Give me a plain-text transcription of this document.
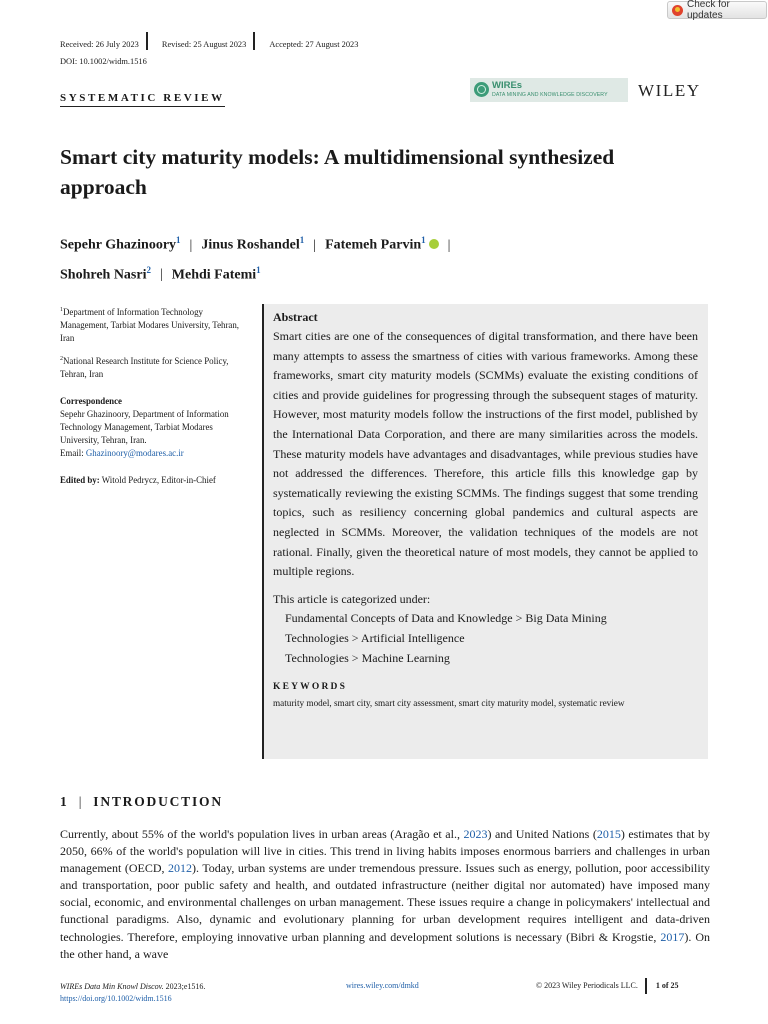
Check for updates
Received: 26 July 2023	Revised: 25 August 2023	Accepted: 27 August 2023
DOI: 10.1002/widm.1516
WIREs
DATA MINING AND KNOWLEDGE DISCOVERY WILEY
SYSTEMATIC REVIEW
Smart city maturity models: A multidimensional synthesized approach
Sepehr Ghazinoory$^1$ | Jinus Roshandel$^1$ | Fatemeh Parvin$^1$ |
Shohreh Nasri$^2$ | Mehdi Fatemi$^1$

$^1$Department of Information Technology Management, Tarbiat Modares University, Tehran, Iran

$^2$National Research Institute for Science Policy, Tehran, Iran

Correspondence
Sepehr Ghazinoory, Department of Information Technology Management, Tarbiat Modares University, Tehran, Iran.
Email: Ghazinoory@modares.ac.ir

Edited by: Witold Pedrycz, Editor-in-Chief

Abstract

Smart cities are one of the consequences of digital transformation, and there have been many attempts to assess the smartness of cities with various frameworks. Among these frameworks, smart city maturity models (SCMMs) evaluate the existing conditions of cities and provide guidelines for progressing through the subsequent stages of maturity. However, most maturity models follow the instructions of the first model, published by the International Data Corporation, and there are many similarities across the models. These maturity models have advantages and disadvantages, while previous studies have not addressed the differences. Therefore, this article fills this knowledge gap by systematically reviewing the existing SCMMs. The findings suggest that some trending topics, such as resiliency concerning global pandemics and cultural aspects are neglected in SCMMs. Moreover, the validation techniques of the models are not rational. Finally, given the theoretical nature of most models, they cannot be applied to multiple regions.

This article is categorized under:
Fundamental Concepts of Data and Knowledge > Big Data Mining
Technologies > Artificial Intelligence
Technologies > Machine Learning

KEYWORDS

maturity model, smart city, smart city assessment, smart city maturity model, systematic review

1 | INTRODUCTION

Currently, about 55% of the world's population lives in urban areas (Aragão et al., 2023) and United Nations (2015) estimates that by 2050, 66% of the world's population will live in cities. This trend in living habits imposes enormous barriers and challenges in urban management (OECD, 2012). Today, urban systems are under tremendous pressure. Issues such as energy, pollution, poor accessibility and transportation, poor public safety and health, and outdated infrastructure (neither digital nor automated) have imposed many social, economic, and environmental challenges on urban management. These issues require a change in policymakers' intellectual and functional paradigms. Also, dynamic and evolutionary planning for urban development requires intelligent and data-driven technologies. Therefore, employing innovative urban planning and development solutions is necessary (Bibri & Krogstie, 2017). On the other hand, a wave

WIREs Data Min Knowl Discov. 2023;e1516.
https://doi.org/10.1002/widm.1516
wires.wiley.com/dmkd	© 2023 Wiley Periodicals LLC. 1 of 25
